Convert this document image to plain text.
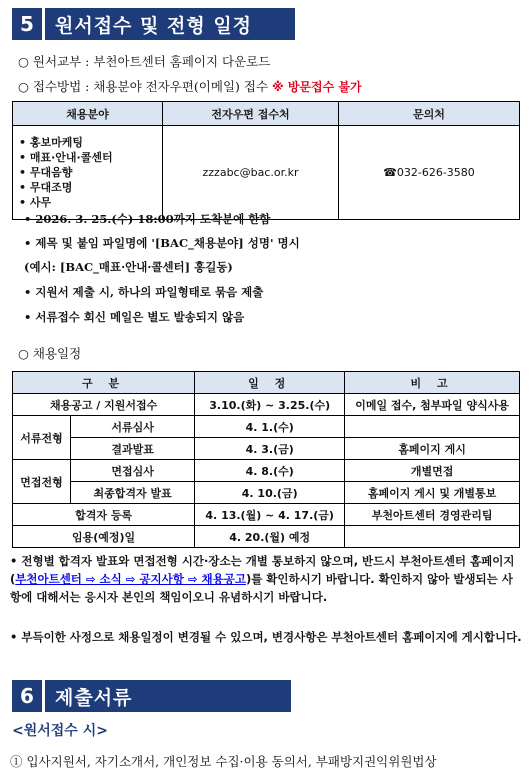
5	원서접수 및 전형 일정
○ 원서교부 : 부천아트센터 홈페이지 다운로드
○ 접수방법 : 채용분야 전자우편(이메일) 접수 ※ 방문접수 불가
채용분야	전자우편 접수처	문의처

• 홍보마케팅
• 매표·안내·콜센터
• 무대음향
• 무대조명
• 사무	zzzabc@bac.or.kr	☎032-626-3580
• 2026. 3. 25.(수) 18:00까지 도착분에 한함
• 제목 및 붙임 파일명에 '[BAC_채용분야] 성명' 명시
(예시: [BAC_매표·안내·콜센터] 홍길동)
• 지원서 제출 시, 하나의 파일형태로 묶음 제출
• 서류접수 회신 메일은 별도 발송되지 않음
○ 채용일정
구 분		일 정	비 고
채용공고 / 지원서접수		3.10.(화) ~ 3.25.(수)	이메일 접수, 첨부파일 양식사용
서류전형	서류심사	4. 1.(수)	
	결과발표	4. 3.(금)	홈페이지 게시
면접전형	면접심사	4. 8.(수)	개별면접
	최종합격자 발표	4. 10.(금)	홈페이지 게시 및 개별통보
합격자 등록		4. 13.(월) ~ 4. 17.(금)	부천아트센터 경영관리팀
임용(예정)일		4. 20.(월) 예정	
• 전형별 합격자 발표와 면접전형 시간·장소는 개별 통보하지 않으며, 반드시 부천아트센터 홈페이지(부천아트센터 ⇨ 소식 ⇨ 공지사항 ⇨ 채용공고)를 확인하시기 바랍니다. 확인하지 않아 발생되는 사항에 대해서는 응시자 본인의 책임이오니 유념하시기 바랍니다.
• 부득이한 사정으로 채용일정이 변경될 수 있으며, 변경사항은 부천아트센터 홈페이지에 게시합니다.
6	제출서류
<원서접수 시>
① 입사지원서, 자기소개서, 개인정보 수집·이용 동의서, 부패방지권익위원법상
